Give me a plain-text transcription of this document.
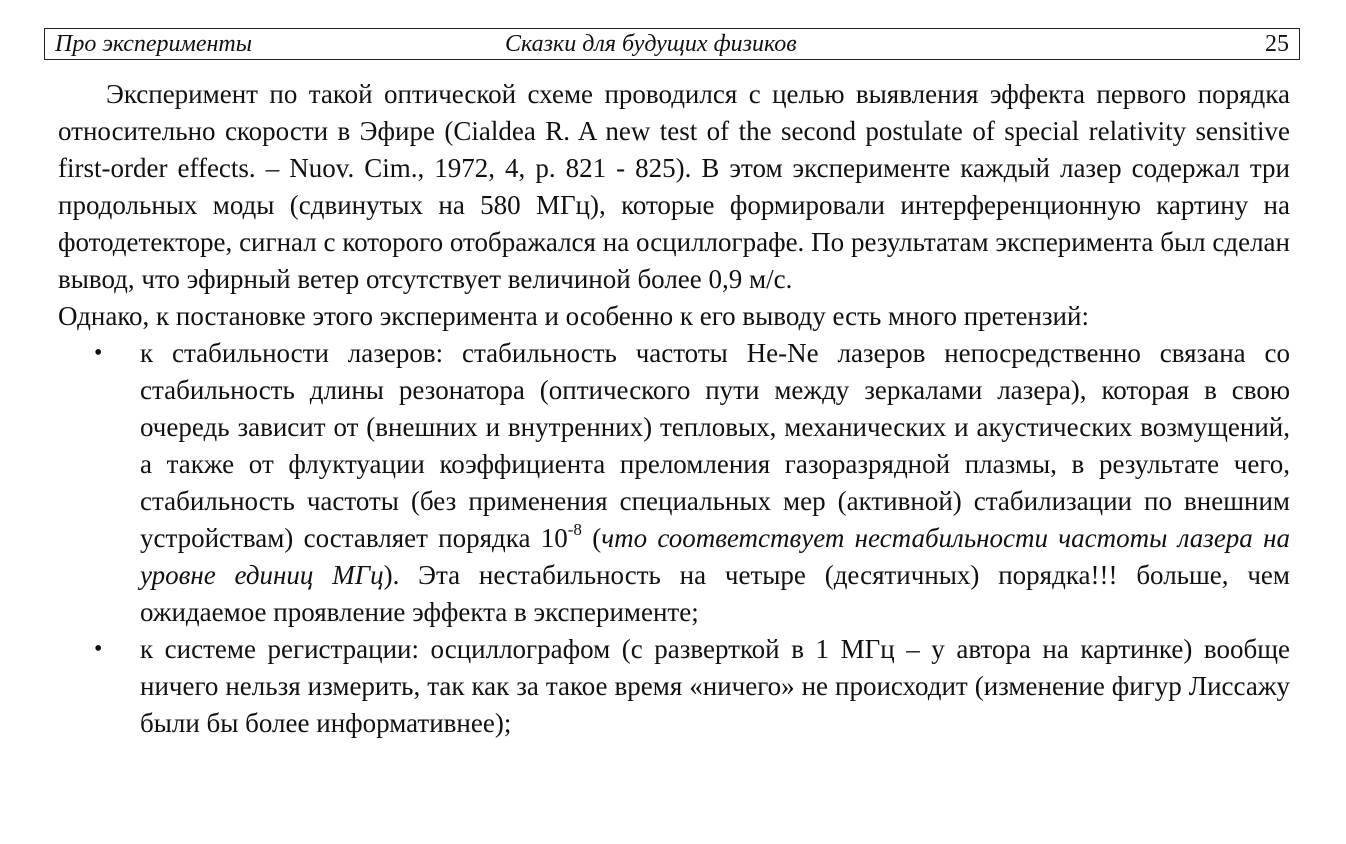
Про эксперименты	Сказки для будущих физиков	25

Эксперимент по такой оптической схеме проводился с целью выявления эффекта первого порядка относительно скорости в Эфире (Cialdea R. A new test of the second postulate of special relativity sensitive first-order effects. – Nuov. Cim., 1972, 4, p. 821 - 825). В этом эксперименте каждый лазер содержал три продольных моды (сдвинутых на 580 МГц), которые формировали интерференционную картину на фотодетекторе, сигнал с которого отображался на осциллографе. По результатам эксперимента был сделан вывод, что эфирный ветер отсутствует величиной более 0,9 м/с.

Однако, к постановке этого эксперимента и особенно к его выводу есть много претензий:

• к стабильности лазеров: стабильность частоты He-Ne лазеров непосредственно связана со стабильность длины резонатора (оптического пути между зеркалами лазера), которая в свою очередь зависит от (внешних и внутренних) тепловых, механических и акустических возмущений, а также от флуктуации коэффициента преломления газоразрядной плазмы, в результате чего, стабильность частоты (без применения специальных мер (активной) стабилизации по внешним устройствам) составляет порядка $10^{-8}$ (что соответствует нестабильности частоты лазера на уровне единиц МГц). Эта нестабильность на четыре (десятичных) порядка!!! больше, чем ожидаемое проявление эффекта в эксперименте;
• к системе регистрации: осциллографом (с разверткой в 1 МГц – у автора на картинке) вообще ничего нельзя измерить, так как за такое время «ничего» не происходит (изменение фигур Лиссажу были бы более информативнее);
